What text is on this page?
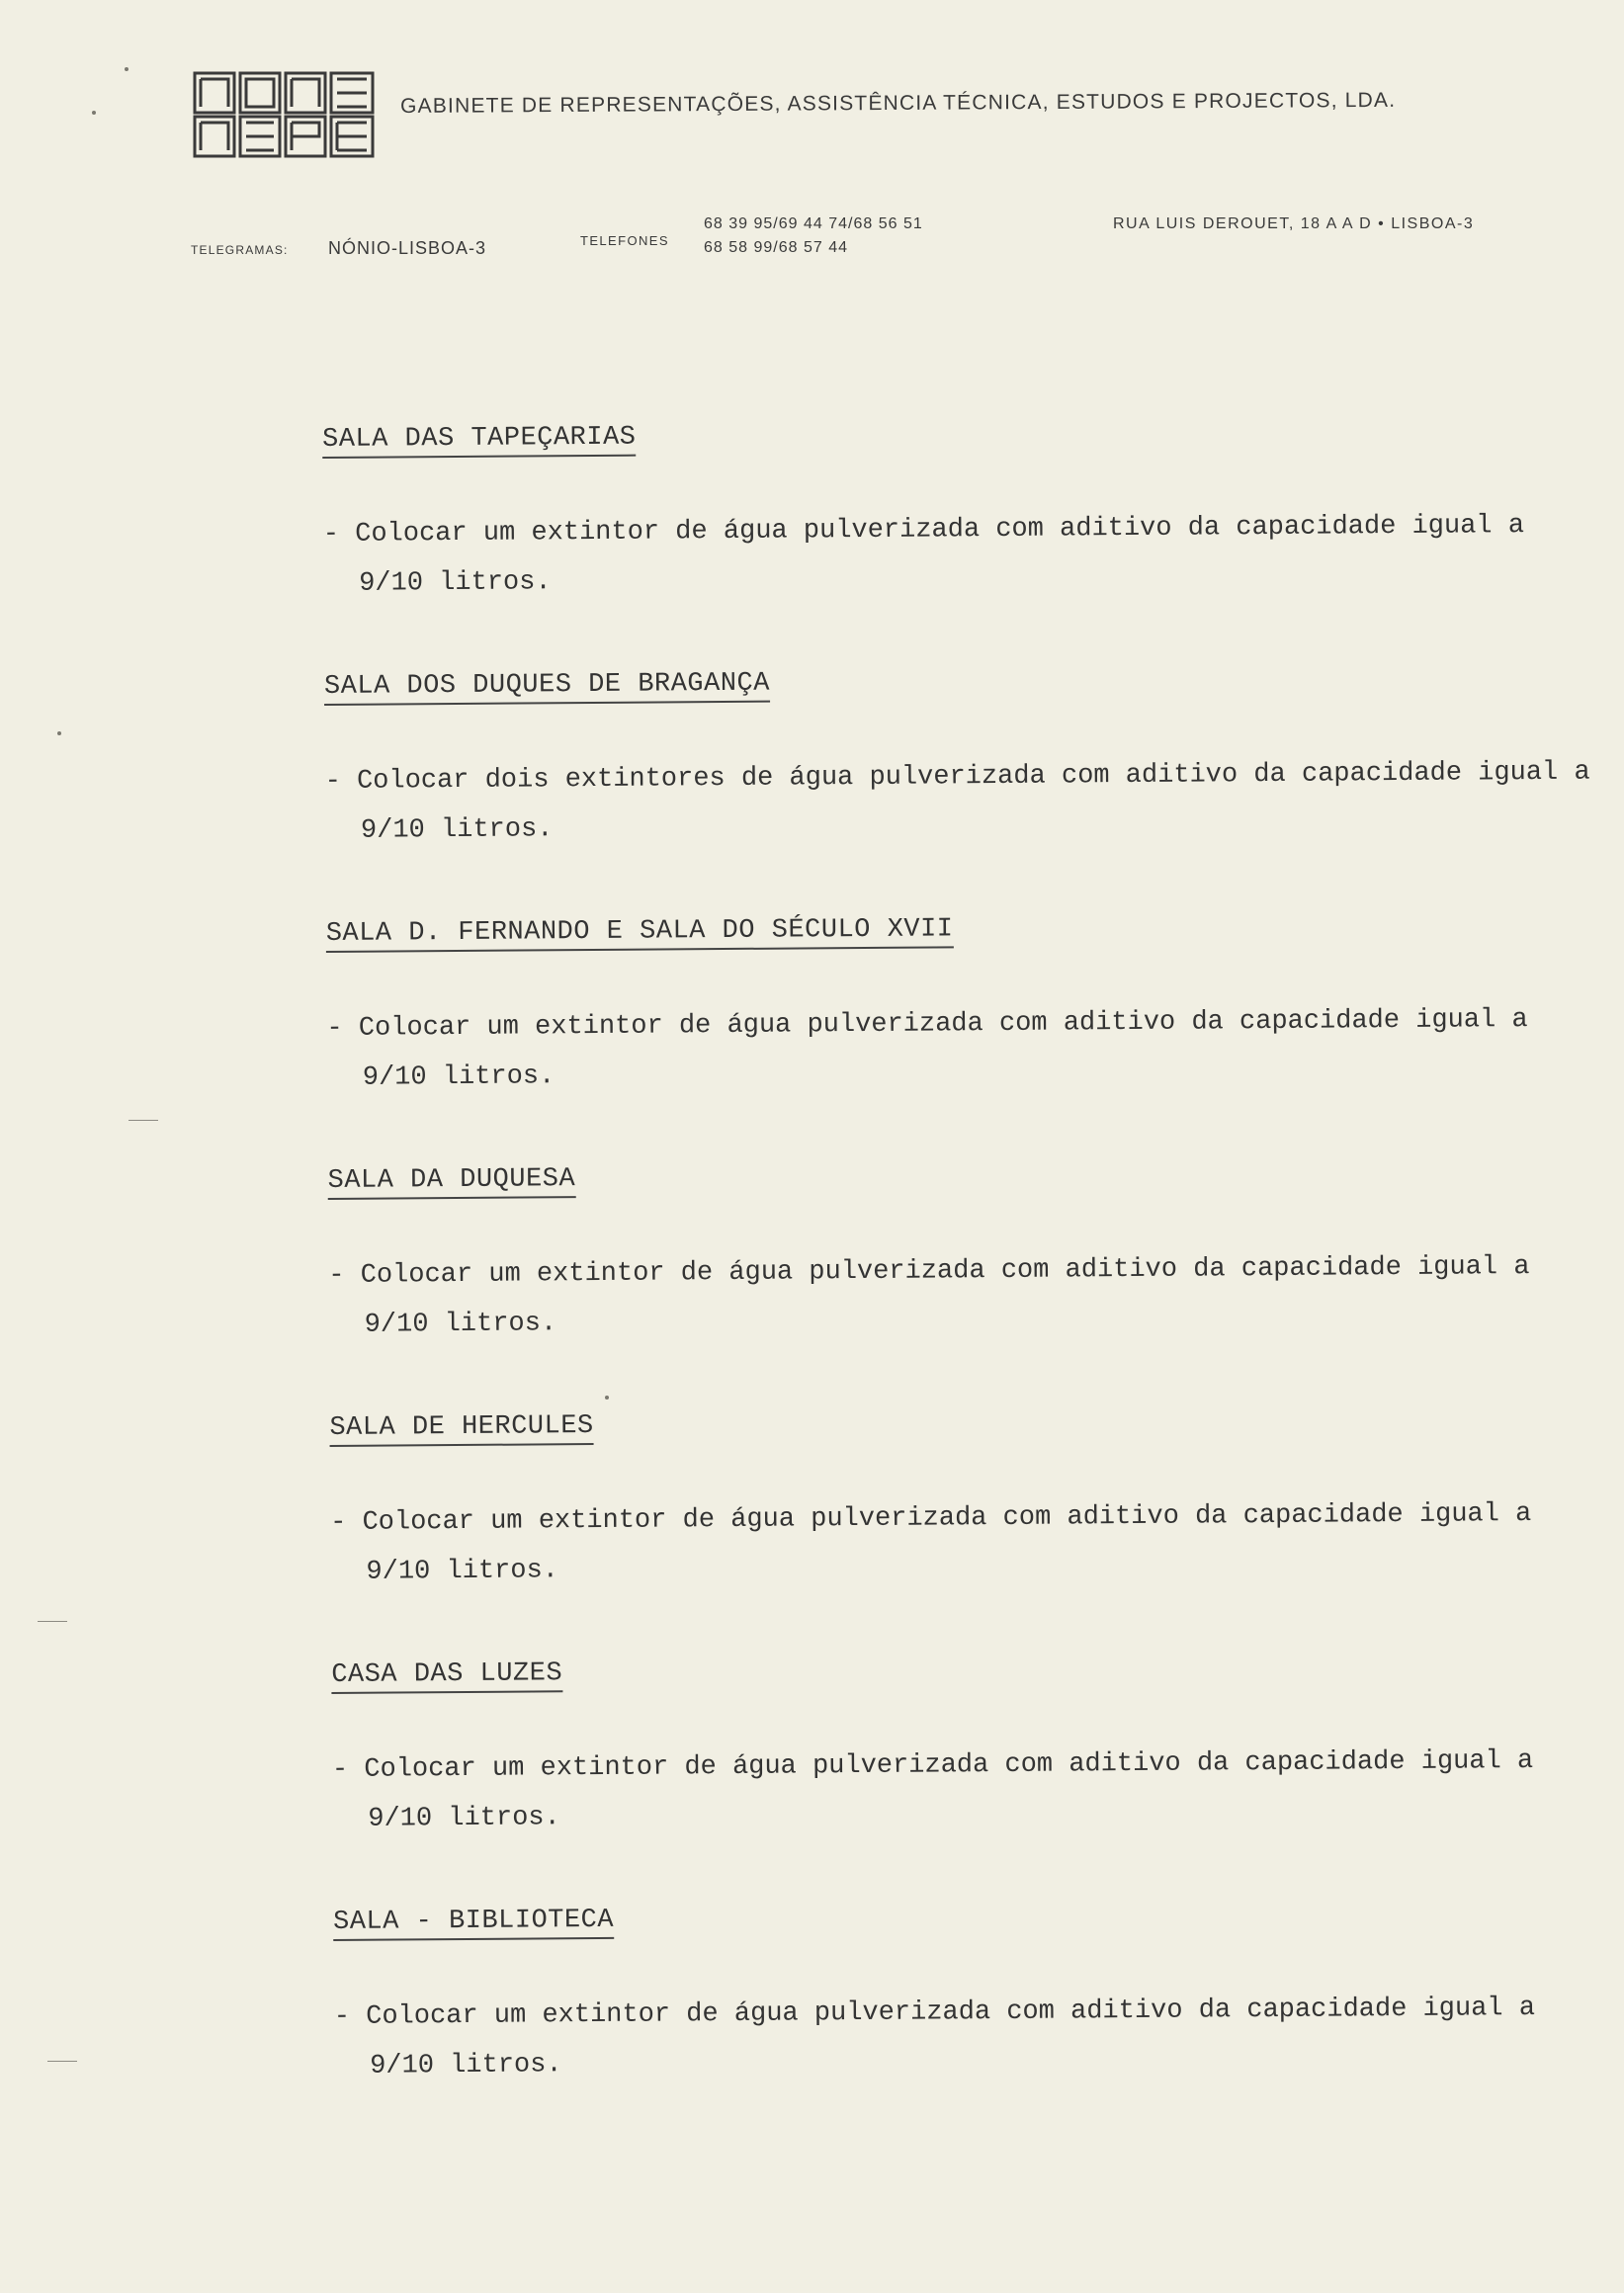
GABINETE DE REPRESENTAÇÕES, ASSISTÊNCIA TÉCNICA, ESTUDOS E PROJECTOS, LDA.
TELEGRAMAS: NÓNIO-LISBOA-3	TELEFONES
68 39 95/69 44 74/68 56 51
68 58 99/68 57 44
RUA LUIS DEROUET, 18 A A D • LISBOA-3
SALA DAS TAPEÇARIAS
- Colocar um extintor de água pulverizada com aditivo da capacidade igual a 9/10 litros.
SALA DOS DUQUES DE BRAGANÇA
- Colocar dois extintores de água pulverizada com aditivo da capacidade igual a 9/10 litros.
SALA D. FERNANDO E SALA DO SÉCULO XVII
- Colocar um extintor de água pulverizada com aditivo da capacidade igual a 9/10 litros.
SALA DA DUQUESA
- Colocar um extintor de água pulverizada com aditivo da capacidade igual a 9/10 litros.
SALA DE HERCULES
- Colocar um extintor de água pulverizada com aditivo da capacidade igual a 9/10 litros.
CASA DAS LUZES
- Colocar um extintor de água pulverizada com aditivo da capacidade igual a 9/10 litros.
SALA - BIBLIOTECA
- Colocar um extintor de água pulverizada com aditivo da capacidade igual a 9/10 litros.
